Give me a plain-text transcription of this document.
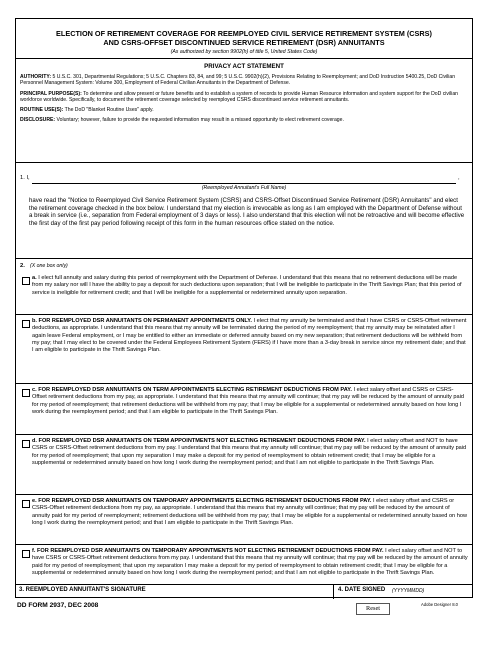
ELECTION OF RETIREMENT COVERAGE FOR REEMPLOYED CIVIL SERVICE RETIREMENT SYSTEM (CSRS)
AND CSRS-OFFSET DISCONTINUED SERVICE RETIREMENT (DSR) ANNUITANTS
(As authorized by section 9902(h) of title 5, United States Code)
PRIVACY ACT STATEMENT
AUTHORITY: 5 U.S.C. 301, Departmental Regulations; 5 U.S.C. Chapters 83, 84, and 99; 5 U.S.C. 9902(h)(2), Provisions Relating to Reemployment; and DoD Instruction 5400.25, DoD Civilian Personnel Management System: Volume 300, Employment of Federal Civilian Annuitants in the Department of Defense.
PRINCIPAL PURPOSE(S): To determine and allow present or future benefits and to establish a system of records to provide Human Resource information and system support for the DoD civilian workforce worldwide. Specifically, to document the retirement coverage selected by reemployed CSRS discontinued service retirement annuitants.
ROUTINE USE(S): The DoD "Blanket Routine Uses" apply.
DISCLOSURE: Voluntary; however, failure to provide the requested information may result in a missed opportunity to elect retirement coverage.
1. I,	,
(Reemployed Annuitant's Full Name)
have read the "Notice to Reemployed Civil Service Retirement System (CSRS) and CSRS-Offset Discontinued Service Retirement (DSR) Annuitants" and elect the retirement coverage checked in the box below. I understand that my election is irrevocable as long as I am employed with the Department of Defense without a break in service (i.e., separation from Federal employment of 3 days or less). I also understand that this election will not be retroactive and will become effective the first day of the first pay period following receipt of this form in the human resources office stated on the notice.
2. (X one box only)
a. I elect full annuity and salary during this period of reemployment with the Department of Defense. I understand that this means that no retirement deductions will be made from my salary nor will I have the ability to pay a deposit for such deductions upon separation; that I will be ineligible to participate in the Thrift Savings Plan; that this period of service is ineligible for retirement credit; and that I will be ineligible for a supplemental or redetermined annuity upon separation.
b. FOR REEMPLOYED DSR ANNUITANTS ON PERMANENT APPOINTMENTS ONLY. I elect that my annuity be terminated and that I have CSRS or CSRS-Offset retirement deductions, as appropriate. I understand that this means that my annuity will be terminated during the period of my reemployment; that my annuity may be reinstated after I again leave Federal employment, or I may be entitled to either an immediate or deferred annuity based on my new separation; that retirement deductions will be withheld from my pay; that I may elect to be covered under the Federal Employees Retirement System (FERS) if I have more than a 3-day break in service since my retirement date; and that I am eligible to participate in the Thrift Savings Plan.
c. FOR REEMPLOYED DSR ANNUITANTS ON TERM APPOINTMENTS ELECTING RETIREMENT DEDUCTIONS FROM PAY. I elect salary offset and CSRS or CSRS-Offset retirement deductions from my pay, as appropriate. I understand that this means that my annuity will continue; that my pay will be reduced by the amount of annuity paid for my period of reemployment; that retirement deductions will be withheld from my pay; that I may be eligible for a supplemental or redetermined annuity based on how long I work during the reemployment period; and that I am eligible to participate in the Thrift Savings Plan.
d. FOR REEMPLOYED DSR ANNUITANTS ON TERM APPOINTMENTS NOT ELECTING RETIREMENT DEDUCTIONS FROM PAY. I elect salary offset and NOT to have CSRS or CSRS-Offset retirement deductions from my pay. I understand that this means that my annuity will continue; that my pay will be reduced by the amount of annuity paid for my period of reemployment; that upon my separation I may make a deposit for my period of reemployment to obtain retirement credit; that I may be eligible for a supplemental or redetermined annuity based on how long I work during the reemployment period; and that I am not eligible to participate in the Thrift Savings Plan.
e. FOR REEMPLOYED DSR ANNUITANTS ON TEMPORARY APPOINTMENTS ELECTING RETIREMENT DEDUCTIONS FROM PAY. I elect salary offset and CSRS or CSRS-Offset retirement deductions from my pay, as appropriate. I understand that this means that my annuity will continue; that my pay will be reduced by the amount of annuity paid for my period of reemployment; retirement deductions will be withheld from my pay; that I may be eligible for a supplemental or redetermined annuity based on how long I work during the reemployment period; and that I am eligible to participate in the Thrift Savings Plan.
f. FOR REEMPLOYED DSR ANNUITANTS ON TEMPORARY APPOINTMENTS NOT ELECTING RETIREMENT DEDUCTIONS FROM PAY. I elect salary offset and NOT to have CSRS or CSRS-Offset retirement deductions from my pay. I understand that this means that my annuity will continue; that my pay will be reduced by the amount of annuity paid for my period of reemployment; that upon my separation I may make a deposit for my period of reemployment to obtain retirement credit; that I may be eligible for a supplemental or redetermined annuity based on how long I work during the reemployment period; and that I am not eligible to participate in the Thrift Savings Plan.
3. REEMPLOYED ANNUITANT'S SIGNATURE	4. DATE SIGNED (YYYYMMDD)
DD FORM 2937, DEC 2008	Reset
Adobe Designer 8.0
